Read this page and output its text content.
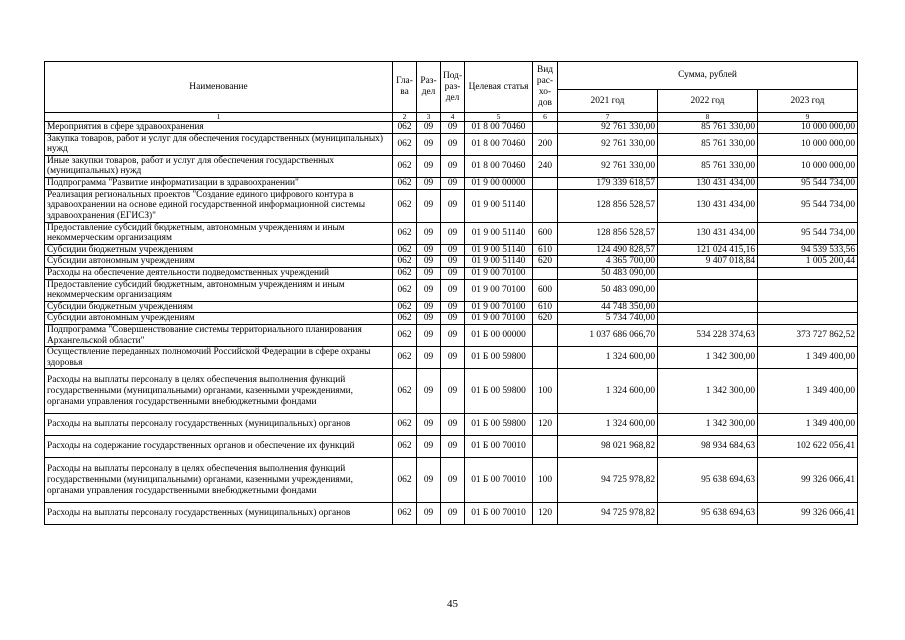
Наименование	Гла-ва	Раз-дел	Под-раз-дел	Целевая статья	Вид рас-хо-дов	Сумма, рублей		
						2021 год	2022 год	2023 год
1	2	3	4	5	6	7	8	9
Мероприятия в сфере здравоохранения	062	09	09	01 8 00 70460		92 761 330,00	85 761 330,00	10 000 000,00
Закупка товаров, работ и услуг для обеспечения государственных (муниципальных) нужд	062	09	09	01 8 00 70460	200	92 761 330,00	85 761 330,00	10 000 000,00
Иные закупки товаров, работ и услуг для обеспечения государственных (муниципальных) нужд	062	09	09	01 8 00 70460	240	92 761 330,00	85 761 330,00	10 000 000,00
Подпрограмма "Развитие информатизации в здравоохранении"	062	09	09	01 9 00 00000		179 339 618,57	130 431 434,00	95 544 734,00
Реализация региональных проектов "Создание единого цифрового контура в здравоохранении на основе единой государственной информационной системы здравоохранения (ЕГИСЗ)"	062	09	09	01 9 00 51140		128 856 528,57	130 431 434,00	95 544 734,00
Предоставление субсидий бюджетным, автономным учреждениям и иным некоммерческим организациям	062	09	09	01 9 00 51140	600	128 856 528,57	130 431 434,00	95 544 734,00
Субсидии бюджетным учреждениям	062	09	09	01 9 00 51140	610	124 490 828,57	121 024 415,16	94 539 533,56
Субсидии автономным учреждениям	062	09	09	01 9 00 51140	620	4 365 700,00	9 407 018,84	1 005 200,44
Расходы на обеспечение деятельности подведомственных учреждений	062	09	09	01 9 00 70100		50 483 090,00		
Предоставление субсидий бюджетным, автономным учреждениям и иным некоммерческим организациям	062	09	09	01 9 00 70100	600	50 483 090,00		
Субсидии бюджетным учреждениям	062	09	09	01 9 00 70100	610	44 748 350,00		
Субсидии автономным учреждениям	062	09	09	01 9 00 70100	620	5 734 740,00		
Подпрограмма "Совершенствование системы территориального планирования Архангельской области"	062	09	09	01 Б 00 00000		1 037 686 066,70	534 228 374,63	373 727 862,52
Осуществление переданных полномочий Российской Федерации в сфере охраны здоровья	062	09	09	01 Б 00 59800		1 324 600,00	1 342 300,00	1 349 400,00
Расходы на выплаты персоналу в целях обеспечения выполнения функций государственными (муниципальными) органами, казенными учреждениями, органами управления государственными внебюджетными фондами	062	09	09	01 Б 00 59800	100	1 324 600,00	1 342 300,00	1 349 400,00
Расходы на выплаты персоналу государственных (муниципальных) органов	062	09	09	01 Б 00 59800	120	1 324 600,00	1 342 300,00	1 349 400,00
Расходы на содержание государственных органов и обеспечение их функций	062	09	09	01 Б 00 70010		98 021 968,82	98 934 684,63	102 622 056,41
Расходы на выплаты персоналу в целях обеспечения выполнения функций государственными (муниципальными) органами, казенными учреждениями, органами управления государственными внебюджетными фондами	062	09	09	01 Б 00 70010	100	94 725 978,82	95 638 694,63	99 326 066,41
Расходы на выплаты персоналу государственных (муниципальных) органов	062	09	09	01 Б 00 70010	120	94 725 978,82	95 638 694,63	99 326 066,41
45
